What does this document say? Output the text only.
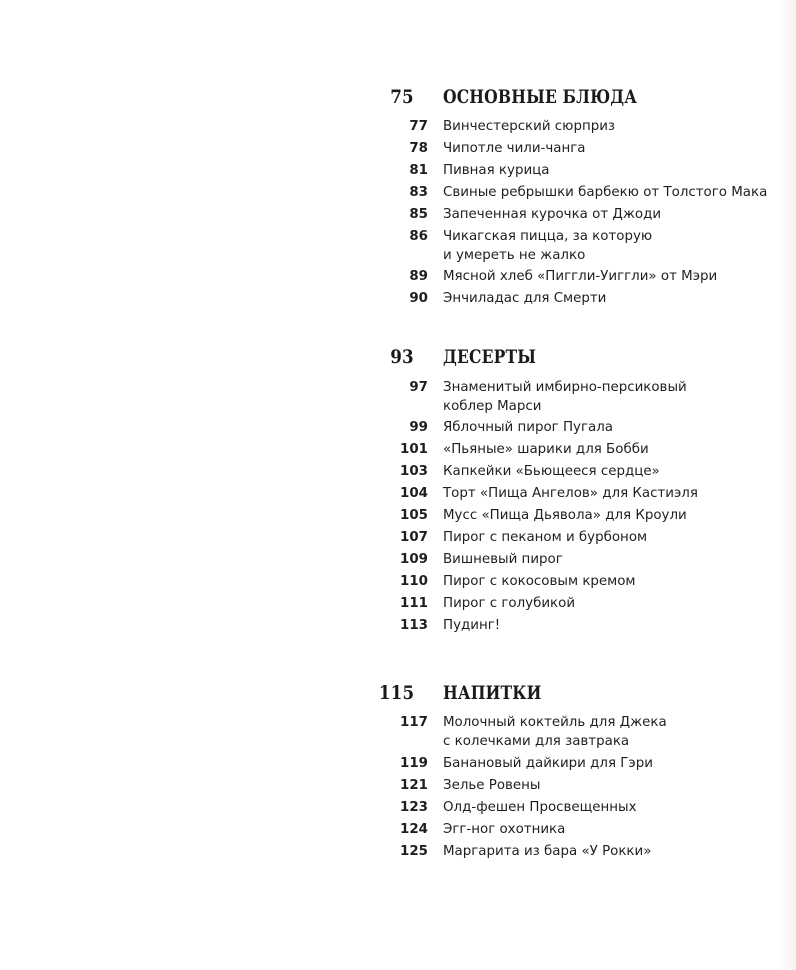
75 ОСНОВНЫЕ БЛЮДА
77 Винчестерский сюрприз
78 Чипотле чили-чанга
81 Пивная курица
83 Свиные ребрышки барбекю от Толстого Мака
85 Запеченная курочка от Джоди
86 Чикагская пицца, за которую
и умереть не жалко
89 Мясной хлеб «Пиггли-Уиггли» от Мэри
90 Энчиладас для Смерти
93 ДЕСЕРТЫ
97 Знаменитый имбирно-персиковый
коблер Марси
99 Яблочный пирог Пугала
101 «Пьяные» шарики для Бобби
103 Капкейки «Бьющееся сердце»
104 Торт «Пища Ангелов» для Кастиэля
105 Мусс «Пища Дьявола» для Кроули
107 Пирог с пеканом и бурбоном
109 Вишневый пирог
110 Пирог с кокосовым кремом
111 Пирог с голубикой
113 Пудинг!
115 НАПИТКИ
117 Молочный коктейль для Джека
с колечками для завтрака
119 Банановый дайкири для Гэри
121 Зелье Ровены
123 Олд-фешен Просвещенных
124 Эгг-ног охотника
125 Маргарита из бара «У Рокки»
